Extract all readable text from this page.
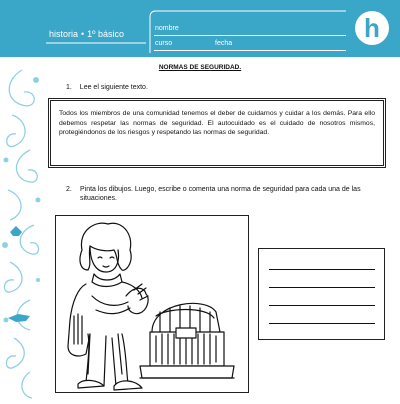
historia • 1º básico
nombre
curso	fecha
h
NORMAS DE SEGURIDAD.
1. Lee el siguiente texto.
Todos los miembros de una comunidad tenemos el deber de cuidarnos y cuidar a los demás. Para ello debemos respetar las normas de seguridad. El autocuidado es el cuidado de nosotros mismos, protegiéndonos de los riesgos y respetando las normas de seguridad.
2. Pinta los dibujos. Luego, escribe o comenta una norma de seguridad para cada una de las situaciones.
